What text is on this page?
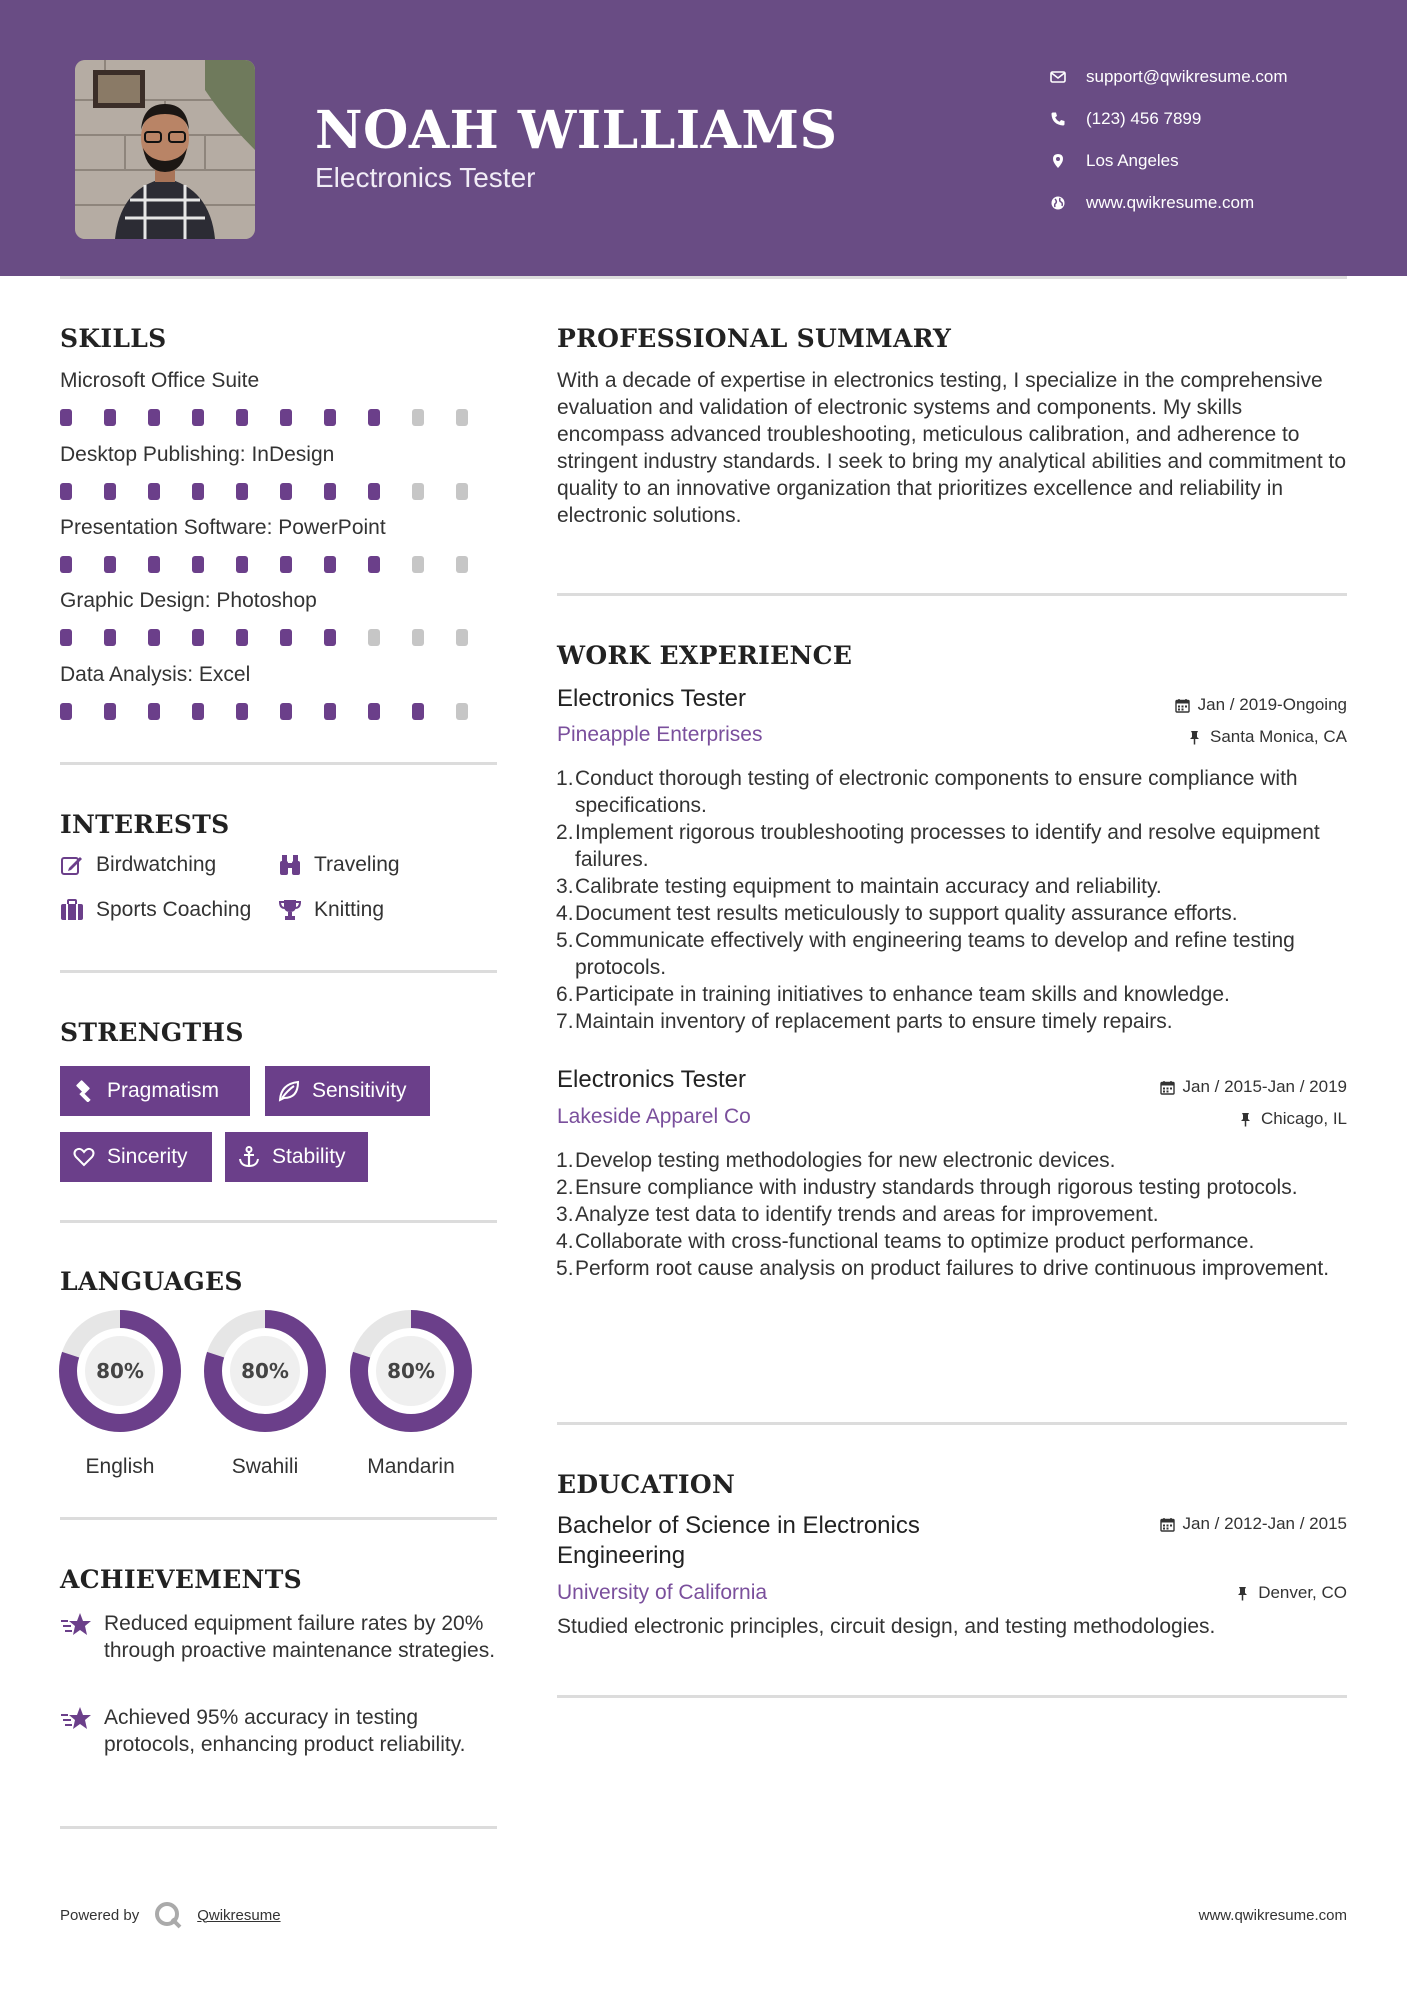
NOAH WILLIAMS
Electronics Tester
support@qwikresume.com
(123) 456 7899
Los Angeles
www.qwikresume.com
SKILLS
Microsoft Office Suite
Desktop Publishing: InDesign
Presentation Software: PowerPoint
Graphic Design: Photoshop
Data Analysis: Excel
INTERESTS
Birdwatching	Traveling
Sports Coaching	Knitting
STRENGTHS
Pragmatism	Sensitivity
Sincerity	Stability
LANGUAGES
80%
English
80%
Swahili
80%
Mandarin
ACHIEVEMENTS
Reduced equipment failure rates by 20% through proactive maintenance strategies.
Achieved 95% accuracy in testing protocols, enhancing product reliability.
PROFESSIONAL SUMMARY
With a decade of expertise in electronics testing, I specialize in the comprehensive evaluation and validation of electronic systems and components. My skills encompass advanced troubleshooting, meticulous calibration, and adherence to stringent industry standards. I seek to bring my analytical abilities and commitment to quality to an innovative organization that prioritizes excellence and reliability in electronic solutions.
WORK EXPERIENCE
Electronics Tester	Jan / 2019-Ongoing
Pineapple Enterprises	Santa Monica, CA
Conduct thorough testing of electronic components to ensure compliance with specifications.
Implement rigorous troubleshooting processes to identify and resolve equipment failures.
Calibrate testing equipment to maintain accuracy and reliability.
Document test results meticulously to support quality assurance efforts.
Communicate effectively with engineering teams to develop and refine testing protocols.
Participate in training initiatives to enhance team skills and knowledge.
Maintain inventory of replacement parts to ensure timely repairs.
Electronics Tester	Jan / 2015-Jan / 2019
Lakeside Apparel Co	Chicago, IL
Develop testing methodologies for new electronic devices.
Ensure compliance with industry standards through rigorous testing protocols.
Analyze test data to identify trends and areas for improvement.
Collaborate with cross-functional teams to optimize product performance.
Perform root cause analysis on product failures to drive continuous improvement.
EDUCATION
Bachelor of Science in Electronics
Engineering
Jan / 2012-Jan / 2015
University of California	Denver, CO
Studied electronic principles, circuit design, and testing methodologies.
Powered by	Qwikresume	www.qwikresume.com
